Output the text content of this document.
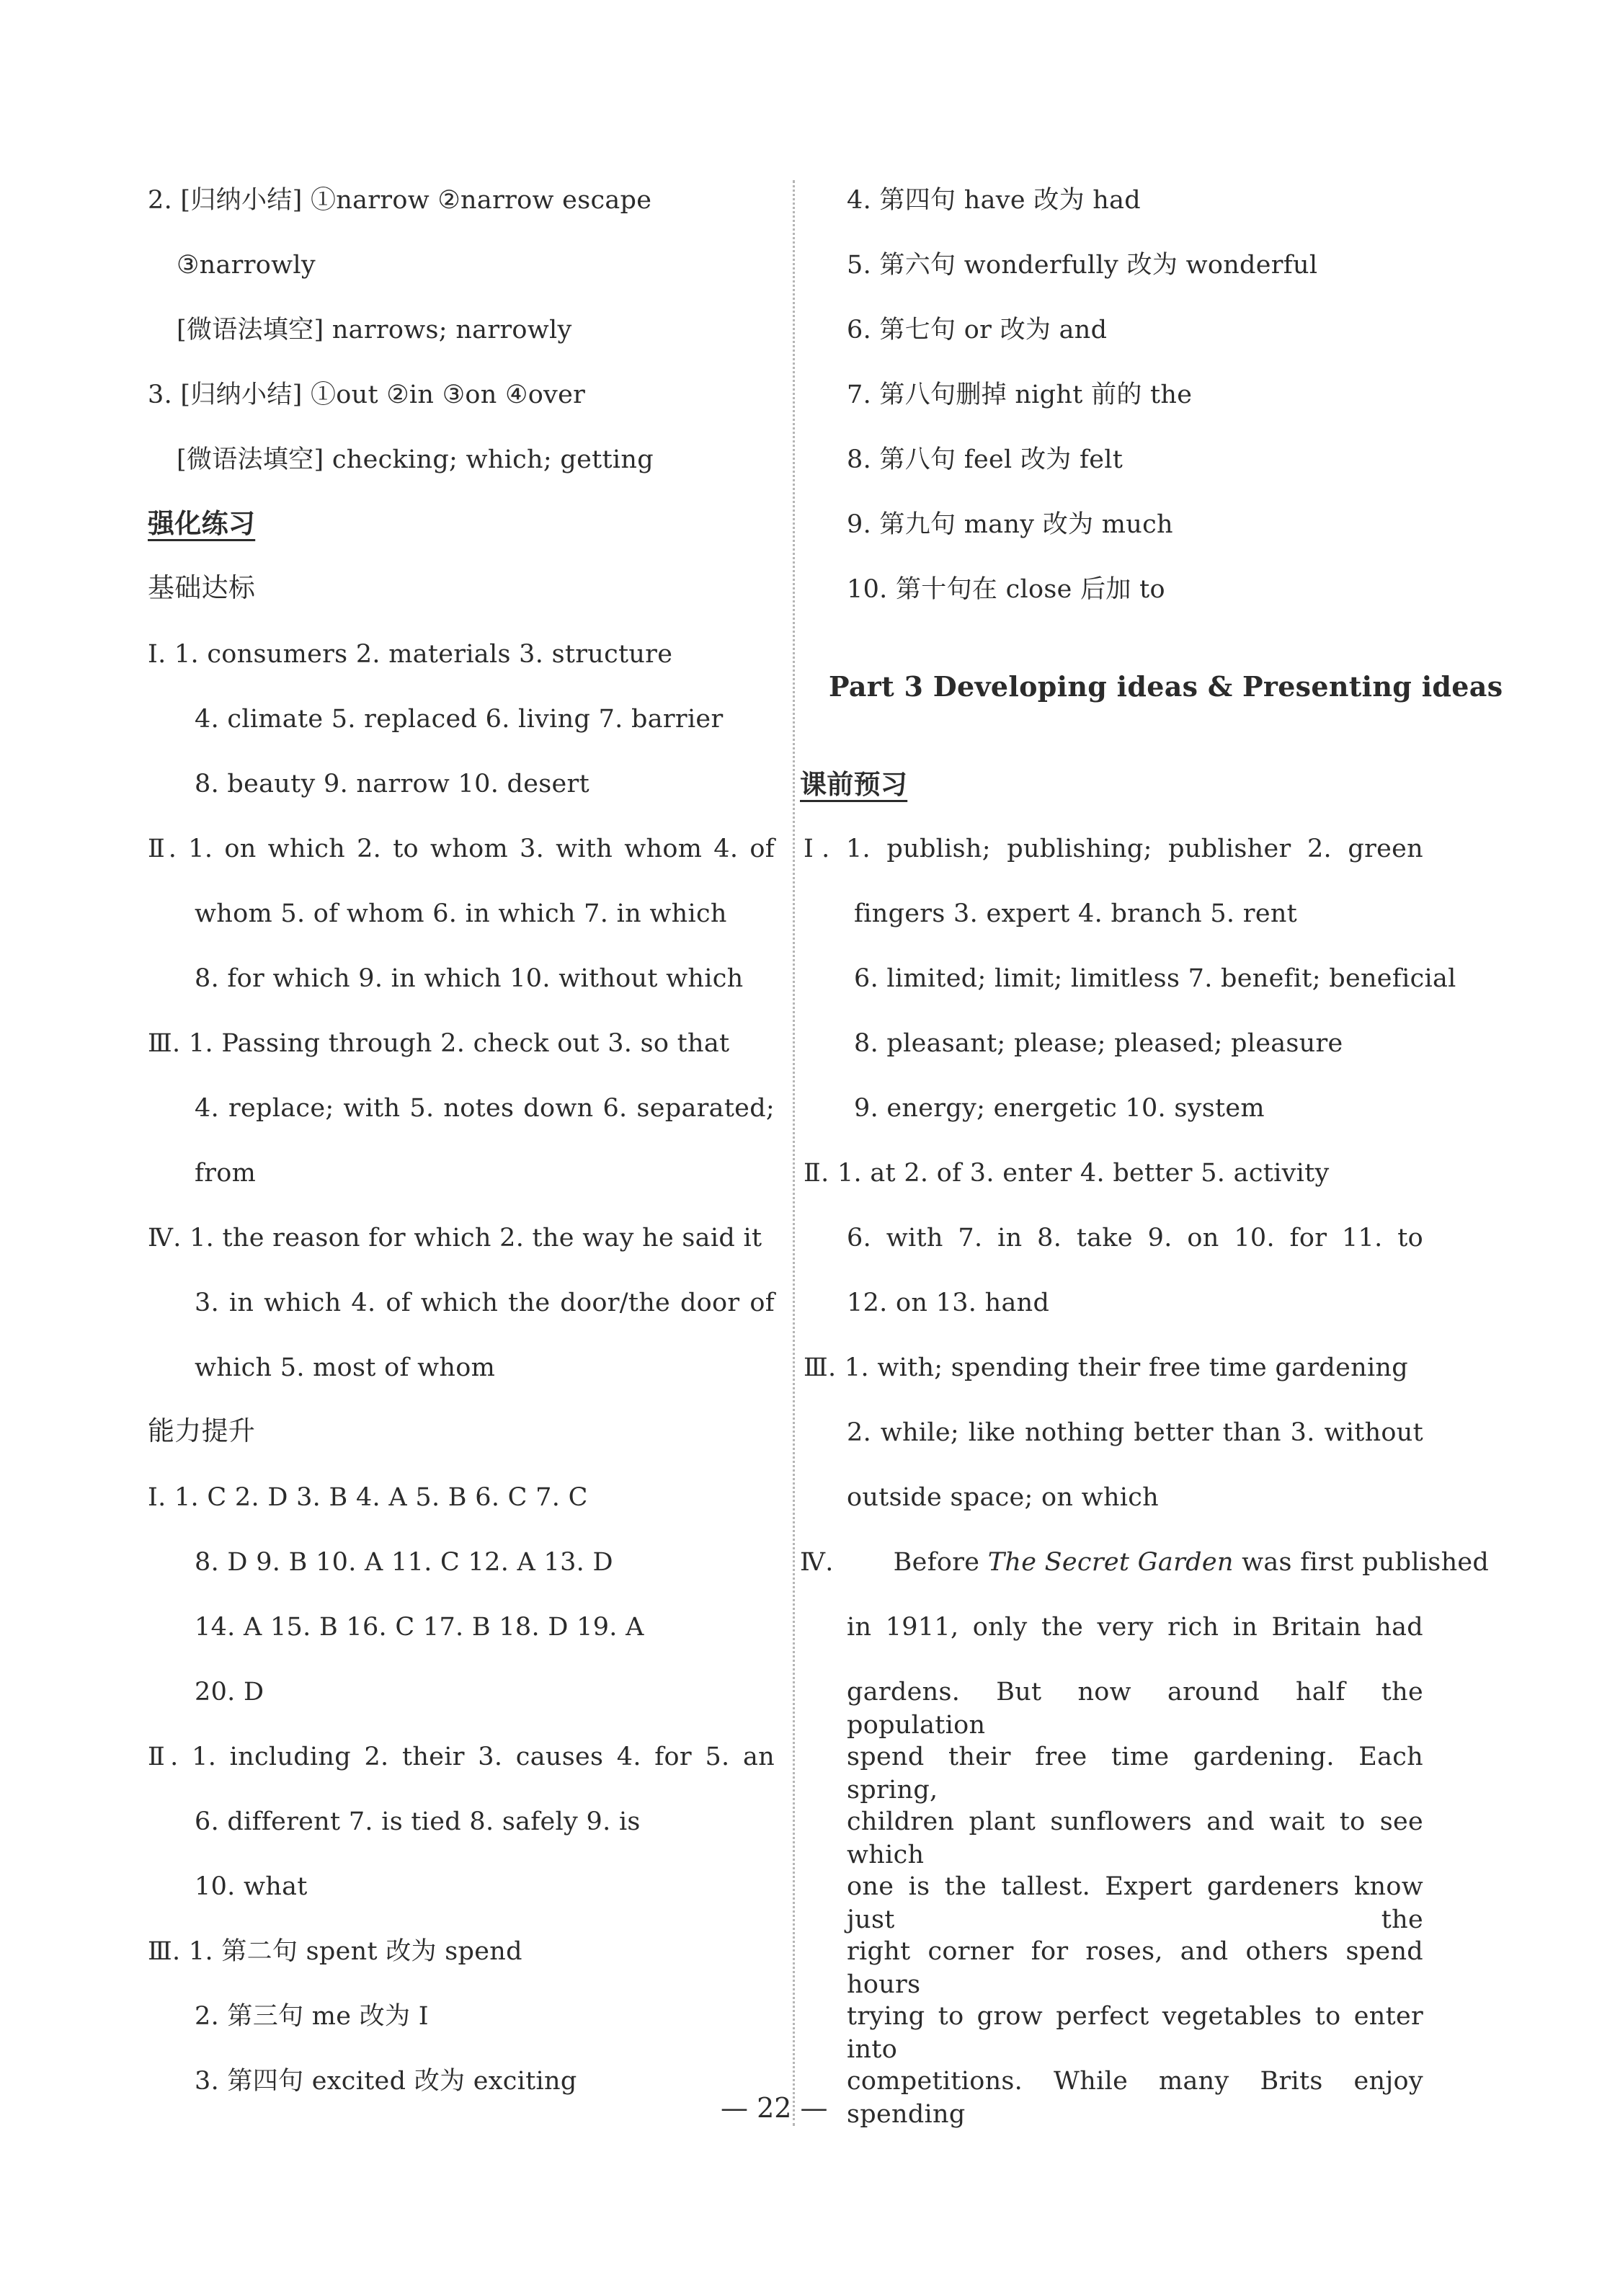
2. [归纳小结] ①narrow ②narrow escape
③narrowly
[微语法填空] narrows; narrowly
3. [归纳小结] ①out ②in ③on ④over
[微语法填空] checking; which; getting
强化练习
基础达标
Ⅰ. 1. consumers 2. materials 3. structure
4. climate 5. replaced 6. living 7. barrier
8. beauty 9. narrow 10. desert
Ⅱ. 1. on which 2. to whom 3. with whom 4. of
whom 5. of whom 6. in which 7. in which
8. for which 9. in which 10. without which
Ⅲ. 1. Passing through 2. check out 3. so that
4. replace; with 5. notes down 6. separated;
from
Ⅳ. 1. the reason for which 2. the way he said it
3. in which 4. of which the door/the door of
which 5. most of whom
能力提升
Ⅰ. 1. C 2. D 3. B 4. A 5. B 6. C 7. C
8. D 9. B 10. A 11. C 12. A 13. D
14. A 15. B 16. C 17. B 18. D 19. A
20. D
Ⅱ. 1. including 2. their 3. causes 4. for 5. an
6. different 7. is tied 8. safely 9. is
10. what
Ⅲ. 1. 第二句 spent 改为 spend
2. 第三句 me 改为 I
3. 第四句 excited 改为 exciting
4. 第四句 have 改为 had
5. 第六句 wonderfully 改为 wonderful
6. 第七句 or 改为 and
7. 第八句删掉 night 前的 the
8. 第八句 feel 改为 felt
9. 第九句 many 改为 much
10. 第十句在 close 后加 to
Part 3 Developing ideas & Presenting ideas
课前预习
Ⅰ. 1. publish; publishing; publisher 2. green
fingers 3. expert 4. branch 5. rent
6. limited; limit; limitless 7. benefit; beneficial
8. pleasant; please; pleased; pleasure
9. energy; energetic 10. system
Ⅱ. 1. at 2. of 3. enter 4. better 5. activity
6. with 7. in 8. take 9. on 10. for 11. to
12. on 13. hand
Ⅲ. 1. with; spending their free time gardening
2. while; like nothing better than 3. without
outside space; on which
Ⅳ. Before The Secret Garden was first published
in 1911, only the very rich in Britain had
gardens. But now around half the population
spend their free time gardening. Each spring,
children plant sunflowers and wait to see which
one is the tallest. Expert gardeners know just the
right corner for roses, and others spend hours
trying to grow perfect vegetables to enter into
competitions. While many Brits enjoy spending
— 22 —
